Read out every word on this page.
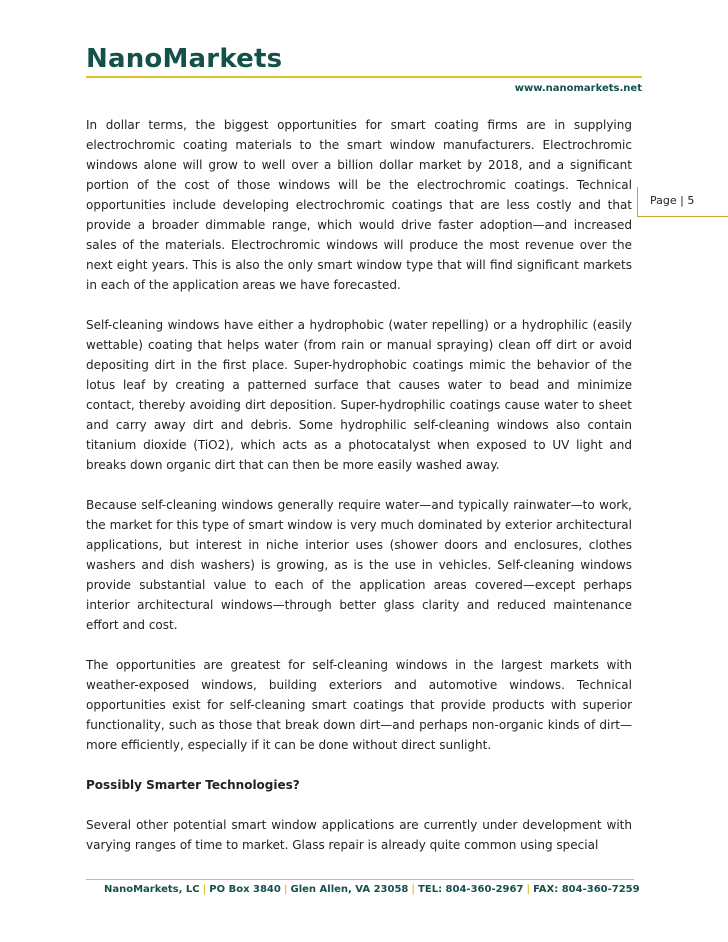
NanoMarkets
www.nanomarkets.net
Page | 5

In dollar terms, the biggest opportunities for smart coating firms are in supplying electrochromic coating materials to the smart window manufacturers. Electrochromic windows alone will grow to well over a billion dollar market by 2018, and a significant portion of the cost of those windows will be the electrochromic coatings. Technical opportunities include developing electrochromic coatings that are less costly and that provide a broader dimmable range, which would drive faster adoption—and increased sales of the materials. Electrochromic windows will produce the most revenue over the next eight years. This is also the only smart window type that will find significant markets in each of the application areas we have forecasted.

Self-cleaning windows have either a hydrophobic (water repelling) or a hydrophilic (easily wettable) coating that helps water (from rain or manual spraying) clean off dirt or avoid depositing dirt in the first place. Super-hydrophobic coatings mimic the behavior of the lotus leaf by creating a patterned surface that causes water to bead and minimize contact, thereby avoiding dirt deposition. Super-hydrophilic coatings cause water to sheet and carry away dirt and debris. Some hydrophilic self-cleaning windows also contain titanium dioxide (TiO2), which acts as a photocatalyst when exposed to UV light and breaks down organic dirt that can then be more easily washed away.

Because self-cleaning windows generally require water—and typically rainwater—to work, the market for this type of smart window is very much dominated by exterior architectural applications, but interest in niche interior uses (shower doors and enclosures, clothes washers and dish washers) is growing, as is the use in vehicles. Self-cleaning windows provide substantial value to each of the application areas covered—except perhaps interior architectural windows—through better glass clarity and reduced maintenance effort and cost.

The opportunities are greatest for self-cleaning windows in the largest markets with weather-exposed windows, building exteriors and automotive windows. Technical opportunities exist for self-cleaning smart coatings that provide products with superior functionality, such as those that break down dirt—and perhaps non-organic kinds of dirt—more efficiently, especially if it can be done without direct sunlight.

Possibly Smarter Technologies?

Several other potential smart window applications are currently under development with varying ranges of time to market. Glass repair is already quite common using special

NanoMarkets, LC | PO Box 3840 | Glen Allen, VA 23058 | TEL: 804-360-2967 | FAX: 804-360-7259
